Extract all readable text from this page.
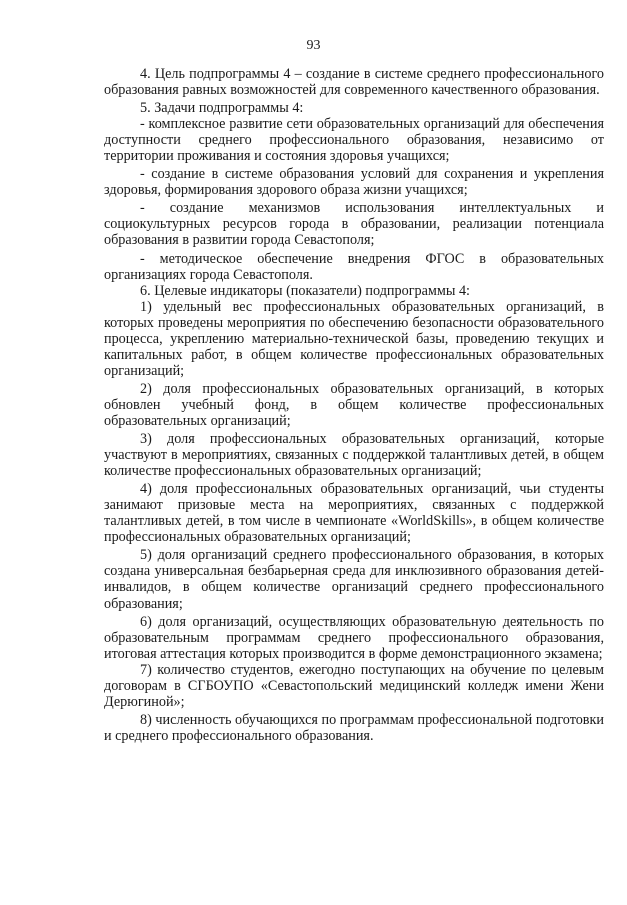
93

4. Цель подпрограммы 4 – создание в системе среднего профессионального образования равных возможностей для современного качественного образования.

5. Задачи подпрограммы 4:

- комплексное развитие сети образовательных организаций для обеспечения доступности среднего профессионального образования, независимо от территории проживания и состояния здоровья учащихся;

- создание в системе образования условий для сохранения и укрепления здоровья, формирования здорового образа жизни учащихся;

- создание механизмов использования интеллектуальных и социокультурных ресурсов города в образовании, реализации потенциала образования в развитии города Севастополя;

- методическое обеспечение внедрения ФГОС в образовательных организациях города Севастополя.

6. Целевые индикаторы (показатели) подпрограммы 4:

1) удельный вес профессиональных образовательных организаций, в которых проведены мероприятия по обеспечению безопасности образовательного процесса, укреплению материально-технической базы, проведению текущих и капитальных работ, в общем количестве профессиональных образовательных организаций;

2) доля профессиональных образовательных организаций, в которых обновлен учебный фонд, в общем количестве профессиональных образовательных организаций;

3) доля профессиональных образовательных организаций, которые участвуют в мероприятиях, связанных с поддержкой талантливых детей, в общем количестве профессиональных образовательных организаций;

4) доля профессиональных образовательных организаций, чьи студенты занимают призовые места на мероприятиях, связанных с поддержкой талантливых детей, в том числе в чемпионате «WorldSkills», в общем количестве профессиональных образовательных организаций;

5) доля организаций среднего профессионального образования, в которых создана универсальная безбарьерная среда для инклюзивного образования детей-инвалидов, в общем количестве организаций среднего профессионального образования;

6) доля организаций, осуществляющих образовательную деятельность по образовательным программам среднего профессионального образования, итоговая аттестация которых производится в форме демонстрационного экзамена;

7) количество студентов, ежегодно поступающих на обучение по целевым договорам в СГБОУПО «Севастопольский медицинский колледж имени Жени Дерюгиной»;

8) численность обучающихся по программам профессиональной подготовки и среднего профессионального образования.
